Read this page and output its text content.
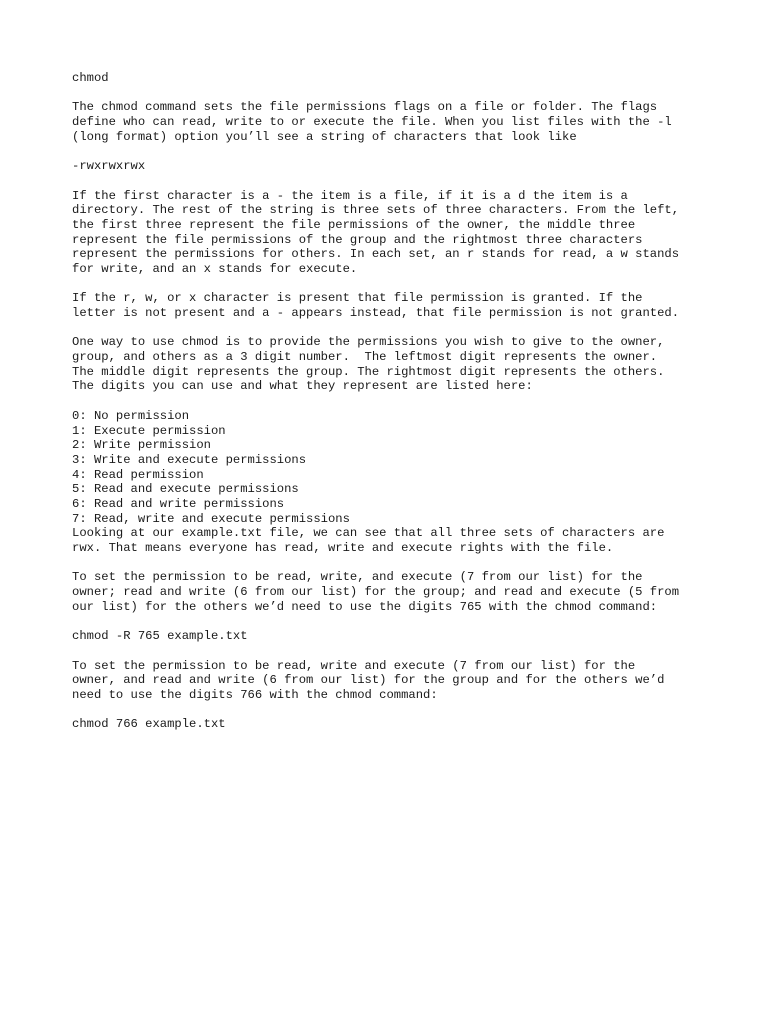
chmod
The chmod command sets the file permissions flags on a file or folder. The flags
define who can read, write to or execute the file. When you list files with the -l
(long format) option you’ll see a string of characters that look like
-rwxrwxrwx
If the first character is a - the item is a file, if it is a d the item is a
directory. The rest of the string is three sets of three characters. From the left,
the first three represent the file permissions of the owner, the middle three
represent the file permissions of the group and the rightmost three characters
represent the permissions for others. In each set, an r stands for read, a w stands
for write, and an x stands for execute.
If the r, w, or x character is present that file permission is granted. If the
letter is not present and a - appears instead, that file permission is not granted.
One way to use chmod is to provide the permissions you wish to give to the owner,
group, and others as a 3 digit number.  The leftmost digit represents the owner.
The middle digit represents the group. The rightmost digit represents the others.
The digits you can use and what they represent are listed here:
0: No permission
1: Execute permission
2: Write permission
3: Write and execute permissions
4: Read permission
5: Read and execute permissions
6: Read and write permissions
7: Read, write and execute permissions
Looking at our example.txt file, we can see that all three sets of characters are
rwx. That means everyone has read, write and execute rights with the file.
To set the permission to be read, write, and execute (7 from our list) for the
owner; read and write (6 from our list) for the group; and read and execute (5 from
our list) for the others we’d need to use the digits 765 with the chmod command:
chmod -R 765 example.txt
To set the permission to be read, write and execute (7 from our list) for the
owner, and read and write (6 from our list) for the group and for the others we’d
need to use the digits 766 with the chmod command:
chmod 766 example.txt
